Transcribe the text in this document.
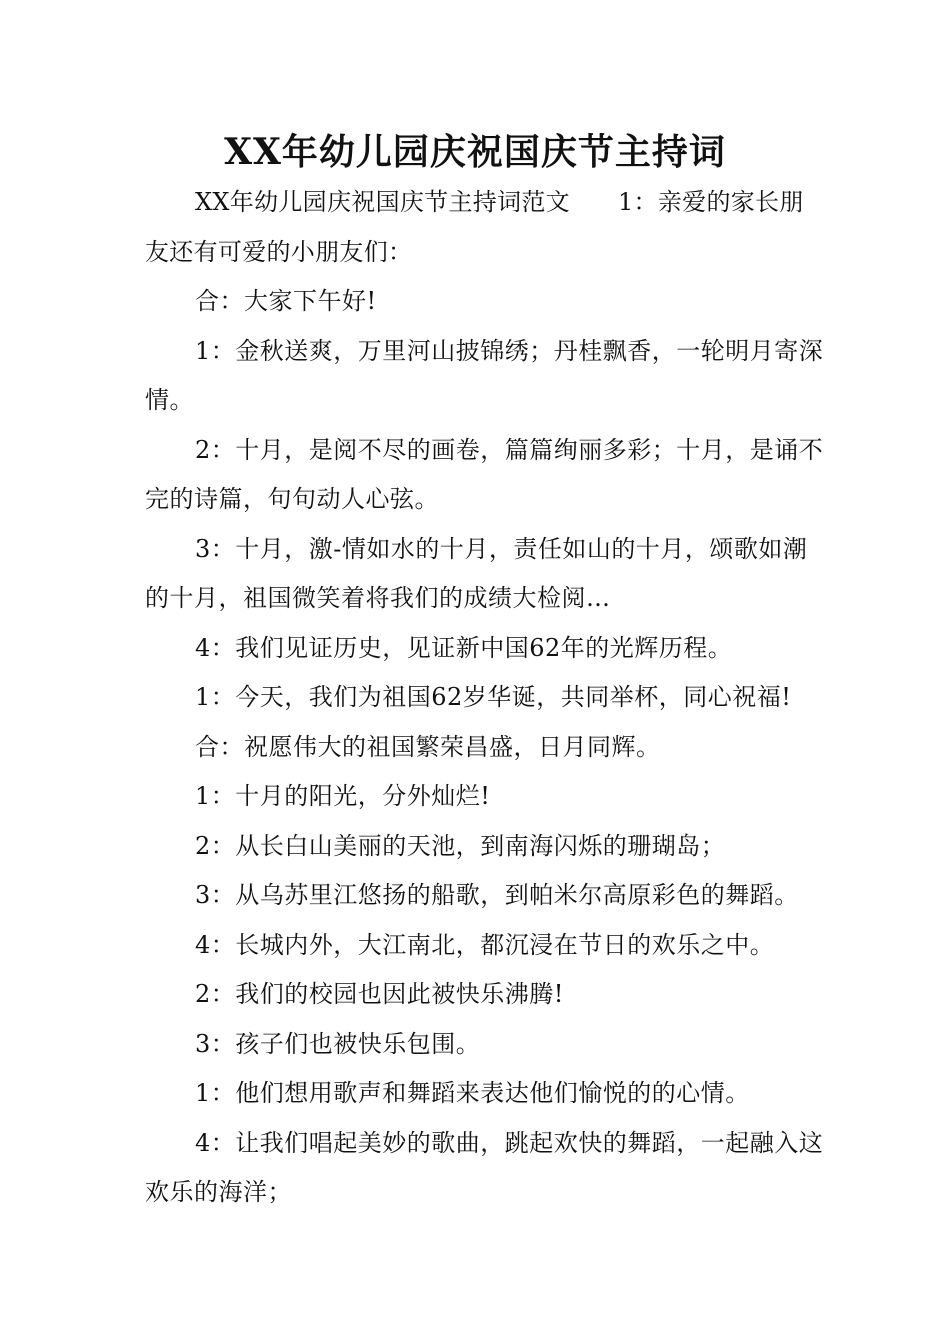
XX年幼儿园庆祝国庆节主持词

XX年幼儿园庆祝国庆节主持词范文 1：亲爱的家长朋友还有可爱的小朋友们：

合：大家下午好!

1：金秋送爽，万里河山披锦绣；丹桂飘香，一轮明月寄深情。

2：十月，是阅不尽的画卷，篇篇绚丽多彩；十月，是诵不完的诗篇，句句动人心弦。

3：十月，激-情如水的十月，责任如山的十月，颂歌如潮的十月，祖国微笑着将我们的成绩大检阅…

4：我们见证历史，见证新中国62年的光辉历程。

1：今天，我们为祖国62岁华诞，共同举杯，同心祝福!

合：祝愿伟大的祖国繁荣昌盛，日月同辉。

1：十月的阳光，分外灿烂!

2：从长白山美丽的天池，到南海闪烁的珊瑚岛；

3：从乌苏里江悠扬的船歌，到帕米尔高原彩色的舞蹈。

4：长城内外，大江南北，都沉浸在节日的欢乐之中。

2：我们的校园也因此被快乐沸腾!

3：孩子们也被快乐包围。

1：他们想用歌声和舞蹈来表达他们愉悦的的心情。

4：让我们唱起美妙的歌曲，跳起欢快的舞蹈，一起融入这欢乐的海洋；
